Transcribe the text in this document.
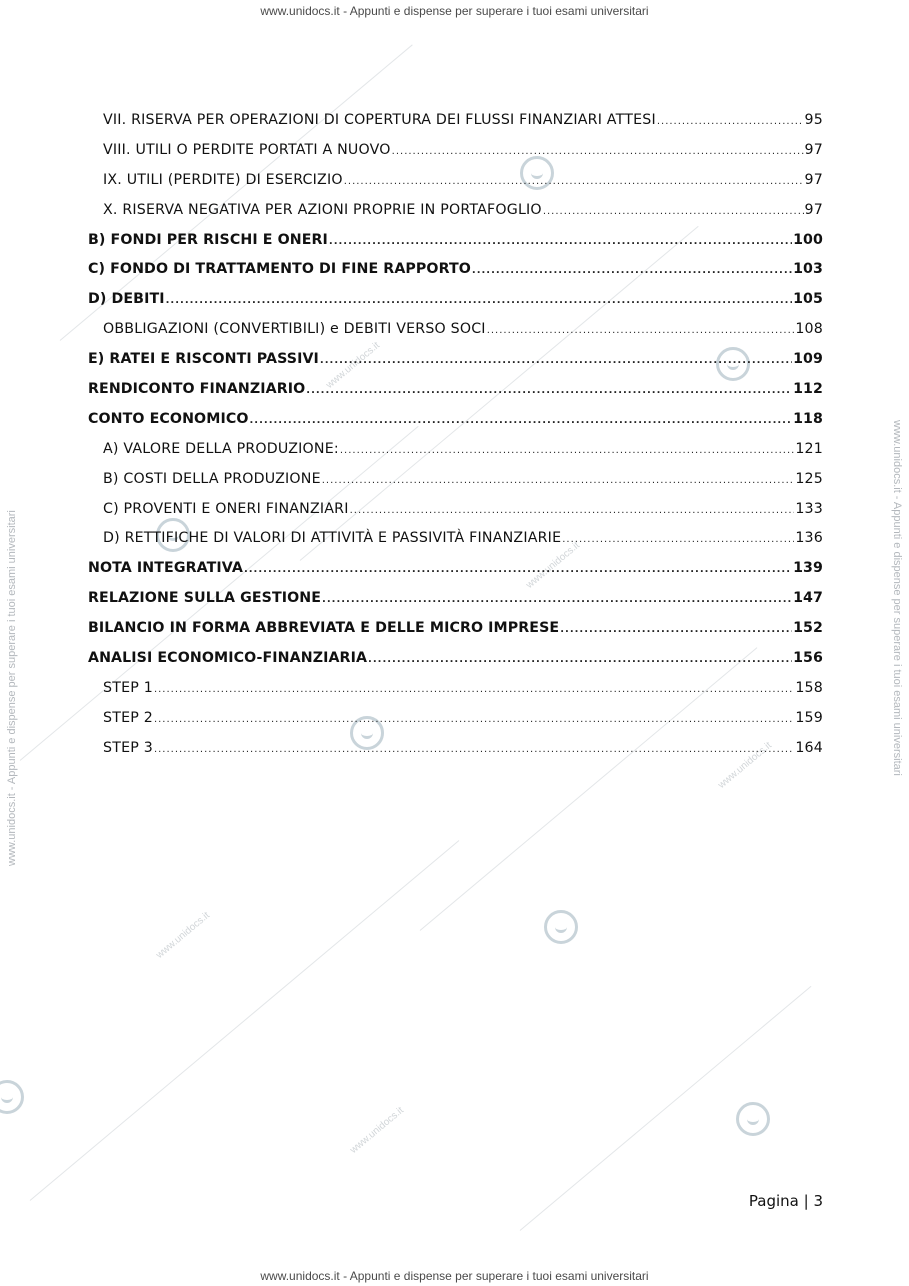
www.unidocs.it
www.unidocs.it
www.unidocs.it
www.unidocs.it
www.unidocs.it
www.unidocs.it - Appunti e dispense per superare i tuoi esami universitari
www.unidocs.it - Appunti e dispense per superare i tuoi esami universitari	www.unidocs.it - Appunti e dispense per superare i tuoi esami universitari
VII. RISERVA PER OPERAZIONI DI COPERTURA DEI FLUSSI FINANZIARI ATTESI .....	95
VIII. UTILI O PERDITE PORTATI A NUOVO .....	97
IX. UTILI (PERDITE) DI ESERCIZIO .....	97
X. RISERVA NEGATIVA PER AZIONI PROPRIE IN PORTAFOGLIO .....	97
B) FONDI PER RISCHI E ONERI .....	100
C) FONDO DI TRATTAMENTO DI FINE RAPPORTO .....	103
D) DEBITI .....	105
OBBLIGAZIONI (CONVERTIBILI) e DEBITI VERSO SOCI .....	108
E) RATEI E RISCONTI PASSIVI .....	109
RENDICONTO FINANZIARIO .....	112
CONTO ECONOMICO .....	118
A) VALORE DELLA PRODUZIONE: .....	121
B) COSTI DELLA PRODUZIONE .....	125
C) PROVENTI E ONERI FINANZIARI .....	133
D) RETTIFICHE DI VALORI DI ATTIVITÀ E PASSIVITÀ FINANZIARIE .....	136
NOTA INTEGRATIVA .....	139
RELAZIONE SULLA GESTIONE .....	147
BILANCIO IN FORMA ABBREVIATA E DELLE MICRO IMPRESE .....	152
ANALISI ECONOMICO-FINANZIARIA .....	156
STEP 1 .....	158
STEP 2 .....	159
STEP 3 .....	164
Pagina | 3
www.unidocs.it - Appunti e dispense per superare i tuoi esami universitari
